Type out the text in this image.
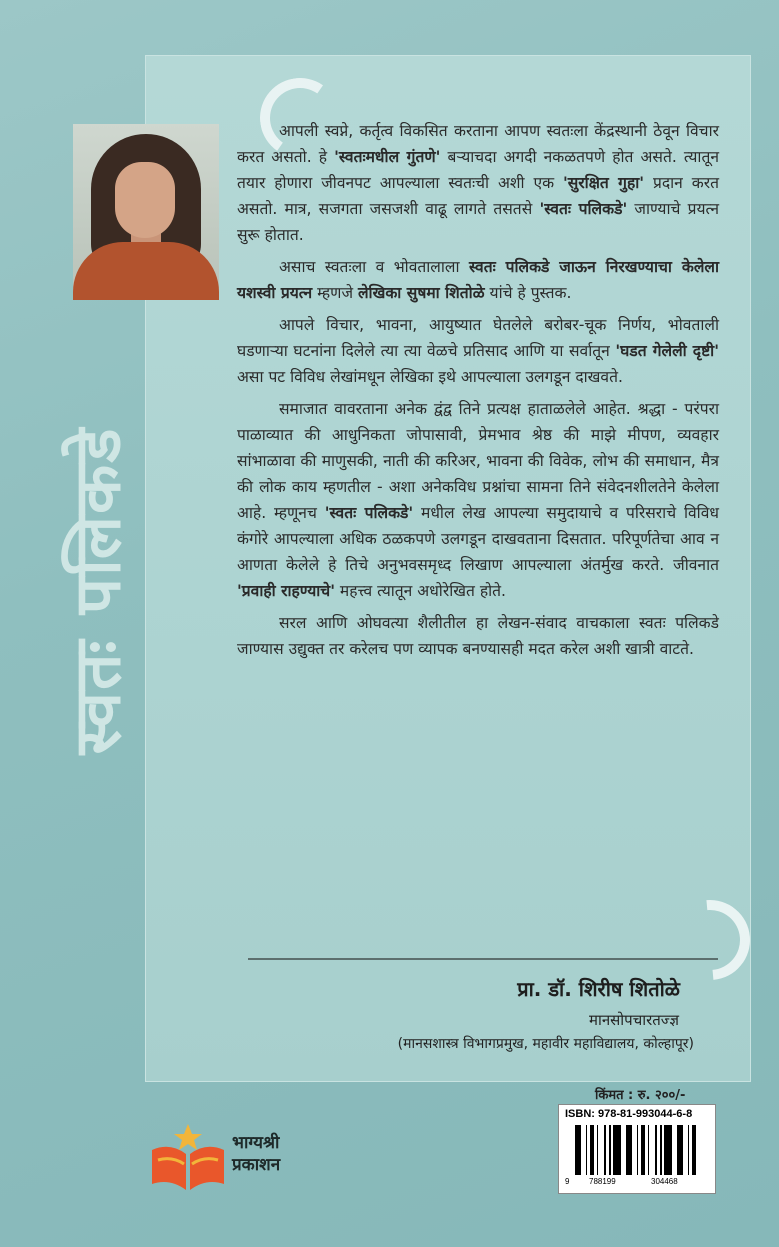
स्वतः पलिकडे

आपली स्वप्ने, कर्तृत्व विकसित करताना आपण स्वतःला केंद्रस्थानी ठेवून विचार करत असतो. हे 'स्वतःमधील गुंतणे' बऱ्याचदा अगदी नकळतपणे होत असते. त्यातून तयार होणारा जीवनपट आपल्याला स्वतःची अशी एक 'सुरक्षित गुहा' प्रदान करत असतो. मात्र, सजगता जसजशी वाढू लागते तसतसे 'स्वतः पलिकडे' जाण्याचे प्रयत्न सुरू होतात.

असाच स्वतःला व भोवतालाला स्वतः पलिकडे जाऊन निरखण्याचा केलेला यशस्वी प्रयत्न म्हणजे लेखिका सुषमा शितोळे यांचे हे पुस्तक.

आपले विचार, भावना, आयुष्यात घेतलेले बरोबर-चूक निर्णय, भोवताली घडणाऱ्या घटनांना दिलेले त्या त्या वेळचे प्रतिसाद आणि या सर्वातून 'घडत गेलेली दृष्टी' असा पट विविध लेखांमधून लेखिका इथे आपल्याला उलगडून दाखवते.

समाजात वावरताना अनेक द्वंद्व तिने प्रत्यक्ष हाताळलेले आहेत. श्रद्धा - परंपरा पाळाव्यात की आधुनिकता जोपासावी, प्रेमभाव श्रेष्ठ की माझे मीपण, व्यवहार सांभाळावा की माणुसकी, नाती की करिअर, भावना की विवेक, लोभ की समाधान, मैत्र की लोक काय म्हणतील - अशा अनेकविध प्रश्नांचा सामना तिने संवेदनशीलतेने केलेला आहे. म्हणूनच 'स्वतः पलिकडे' मधील लेख आपल्या समुदायाचे व परिसराचे विविध कंगोरे आपल्याला अधिक ठळकपणे उलगडून दाखवताना दिसतात. परिपूर्णतेचा आव न आणता केलेले हे तिचे अनुभवसमृध्द लिखाण आपल्याला अंतर्मुख करते. जीवनात 'प्रवाही राहण्याचे' महत्त्व त्यातून अधोरेखित होते.

सरल आणि ओघवत्या शैलीतील हा लेखन-संवाद वाचकाला स्वतः पलिकडे जाण्यास उद्युक्त तर करेलच पण व्यापक बनण्यासही मदत करेल अशी खात्री वाटते.

प्रा. डॉ. शिरीष शितोळे
मानसोपचारतज्ज्ञ
(मानसशास्त्र विभागप्रमुख, महावीर महाविद्यालय, कोल्हापूर)
किंमत : रु. २००/-
ISBN: 978-81-993044-6-8
9 788199	304468
भाग्यश्री
प्रकाशन
